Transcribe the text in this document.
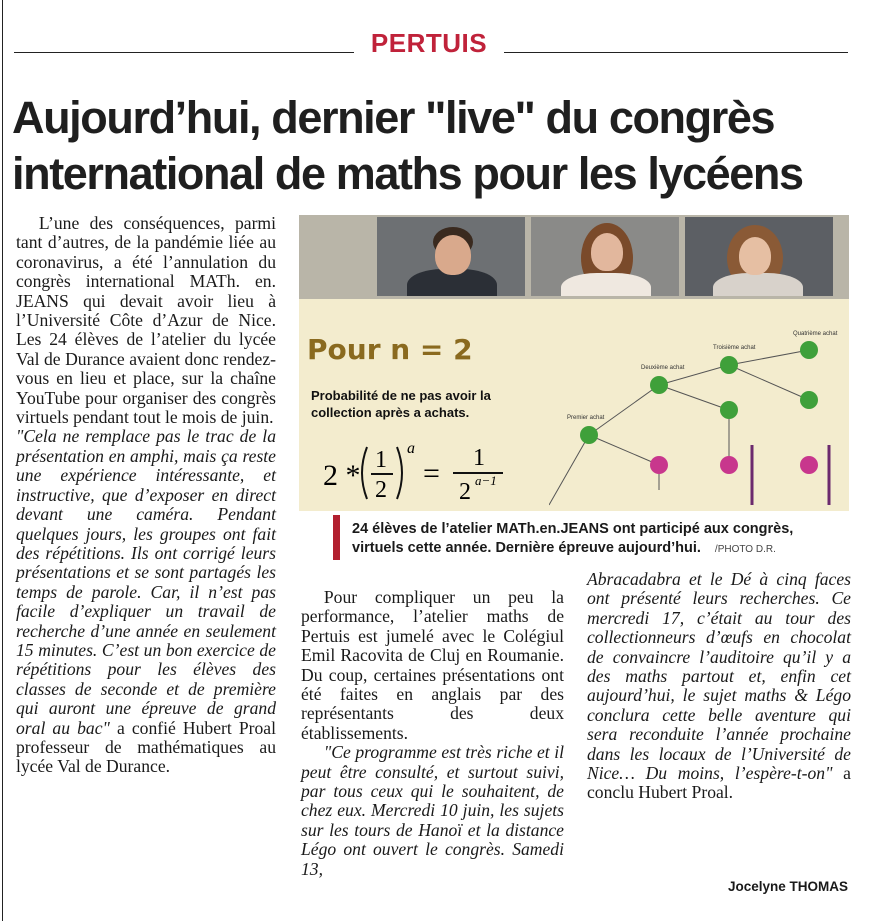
PERTUIS
Aujourd’hui, dernier "live" du congrès international de maths pour les lycéens

L’une des conséquences, parmi tant d’autres, de la pandémie liée au coronavirus, a été l’annulation du congrès international MATh. en. JEANS qui devait avoir lieu à l’Université Côte d’Azur de Nice. Les 24 élèves de l’atelier du lycée Val de Durance avaient donc rendez-vous en lieu et place, sur la chaîne YouTube pour organiser des congrès virtuels pendant tout le mois de juin.

"Cela ne remplace pas le trac de la présentation en amphi, mais ça reste une expérience intéressante, et instructive, que d’exposer en direct devant une caméra. Pendant quelques jours, les groupes ont fait des répétitions. Ils ont corrigé leurs présentations et se sont partagés les temps de parole. Car, il n’est pas facile d’expliquer un travail de recherche d’une année en seulement 15 minutes. C’est un bon exercice de répétitions pour les élèves des classes de seconde et de première qui auront une épreuve de grand oral au bac" a confié Hubert Proal professeur de mathématiques au lycée Val de Durance.

Pour n = 2
Probabilité de ne pas avoir la collection après a achats.
2 * 1
2
a
= 1
2 a−1
Premier achat
Deuxième achat
Troisième achat
Quatrième achat
24 élèves de l’atelier MATh.en.JEANS ont participé aux congrès, virtuels cette année. Dernière épreuve aujourd’hui. /PHOTO D.R.

Pour compliquer un peu la performance, l’atelier maths de Pertuis est jumelé avec le Colégiul Emil Racovita de Cluj en Roumanie. Du coup, certaines présentations ont été faites en anglais par des représentants des deux établissements.

"Ce programme est très riche et il peut être consulté, et surtout suivi, par tous ceux qui le souhaitent, de chez eux. Mercredi 10 juin, les sujets sur les tours de Hanoï et la distance Légo ont ouvert le congrès. Samedi 13,

Abracadabra et le Dé à cinq faces ont présenté leurs recherches. Ce mercredi 17, c’était au tour des collectionneurs d’œufs en chocolat de convaincre l’auditoire qu’il y a des maths partout et, enfin cet aujourd’hui, le sujet maths & Légo conclura cette belle aventure qui sera reconduite l’année prochaine dans les locaux de l’Université de Nice… Du moins, l’espère-t-on" a conclu Hubert Proal.

Jocelyne THOMAS
